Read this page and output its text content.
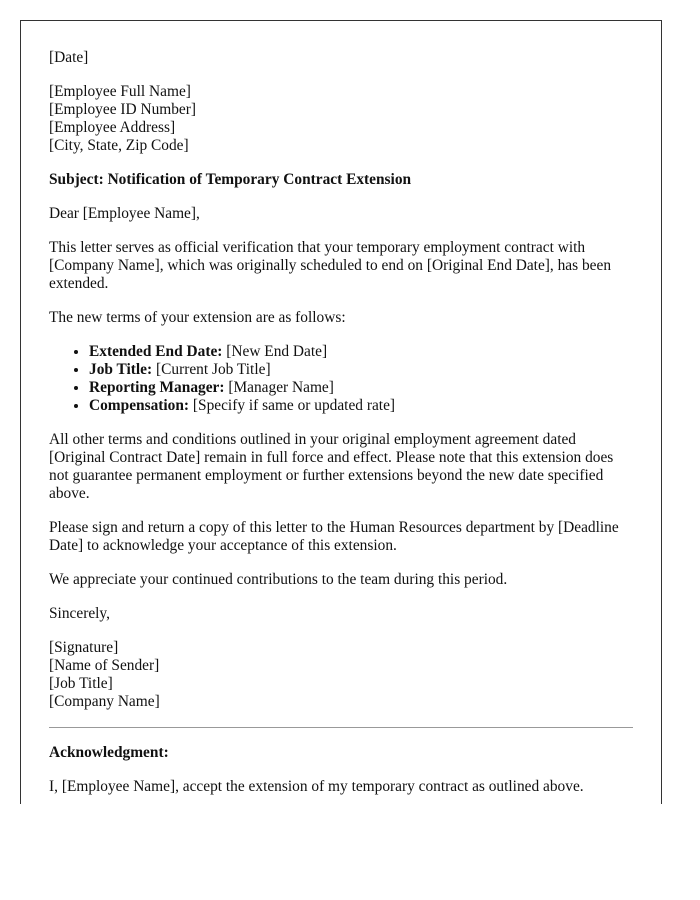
[Date]

[Employee Full Name]
[Employee ID Number]
[Employee Address]
[City, State, Zip Code]

Subject: Notification of Temporary Contract Extension

Dear [Employee Name],

This letter serves as official verification that your temporary employment contract with [Company Name], which was originally scheduled to end on [Original End Date], has been extended.

The new terms of your extension are as follows:

• Extended End Date: [New End Date]
• Job Title: [Current Job Title]
• Reporting Manager: [Manager Name]
• Compensation: [Specify if same or updated rate]

All other terms and conditions outlined in your original employment agreement dated [Original Contract Date] remain in full force and effect. Please note that this extension does not guarantee permanent employment or further extensions beyond the new date specified above.

Please sign and return a copy of this letter to the Human Resources department by [Deadline Date] to acknowledge your acceptance of this extension.

We appreciate your continued contributions to the team during this period.

Sincerely,

[Signature]
[Name of Sender]
[Job Title]
[Company Name]

Acknowledgment:

I, [Employee Name], accept the extension of my temporary contract as outlined above.
